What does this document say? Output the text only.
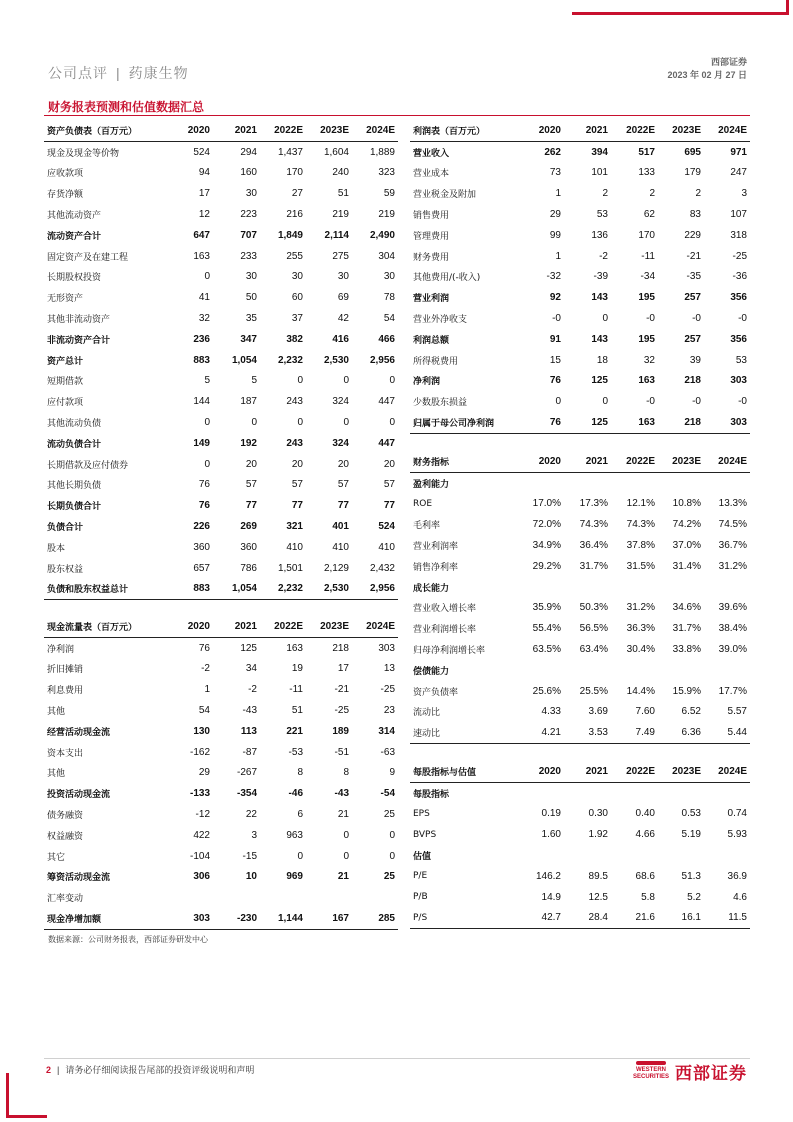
公司点评 | 药康生物
西部证券
2023 年 02 月 27 日
财务报表预测和估值数据汇总
资产负债表（百万元）	2020	2021	2022E	2023E	2024E
现金及现金等价物	524	294	1,437	1,604	1,889
应收款项	94	160	170	240	323
存货净额	17	30	27	51	59
其他流动资产	12	223	216	219	219
流动资产合计	647	707	1,849	2,114	2,490
固定资产及在建工程	163	233	255	275	304
长期股权投资	0	30	30	30	30
无形资产	41	50	60	69	78
其他非流动资产	32	35	37	42	54
非流动资产合计	236	347	382	416	466
资产总计	883	1,054	2,232	2,530	2,956
短期借款	5	5	0	0	0
应付款项	144	187	243	324	447
其他流动负债	0	0	0	0	0
流动负债合计	149	192	243	324	447
长期借款及应付债券	0	20	20	20	20
其他长期负债	76	57	57	57	57
长期负债合计	76	77	77	77	77
负债合计	226	269	321	401	524
股本	360	360	410	410	410
股东权益	657	786	1,501	2,129	2,432
负债和股东权益总计	883	1,054	2,232	2,530	2,956
现金流量表（百万元）	2020	2021	2022E	2023E	2024E
净利润	76	125	163	218	303
折旧摊销	-2	34	19	17	13
利息费用	1	-2	-11	-21	-25
其他	54	-43	51	-25	23
经营活动现金流	130	113	221	189	314
资本支出	-162	-87	-53	-51	-63
其他	29	-267	8	8	9
投资活动现金流	-133	-354	-46	-43	-54
债务融资	-12	22	6	21	25
权益融资	422	3	963	0	0
其它	-104	-15	0	0	0
筹资活动现金流	306	10	969	21	25
汇率变动					
现金净增加额	303	-230	1,144	167	285
利润表（百万元）	2020	2021	2022E	2023E	2024E
营业收入	262	394	517	695	971
营业成本	73	101	133	179	247
营业税金及附加	1	2	2	2	3
销售费用	29	53	62	83	107
管理费用	99	136	170	229	318
财务费用	1	-2	-11	-21	-25
其他费用/(-收入)	-32	-39	-34	-35	-36
营业利润	92	143	195	257	356
营业外净收支	-0	0	-0	-0	-0
利润总额	91	143	195	257	356
所得税费用	15	18	32	39	53
净利润	76	125	163	218	303
少数股东损益	0	0	-0	-0	-0
归属于母公司净利润	76	125	163	218	303
财务指标	2020	2021	2022E	2023E	2024E
盈利能力					
ROE	17.0%	17.3%	12.1%	10.8%	13.3%
毛利率	72.0%	74.3%	74.3%	74.2%	74.5%
营业利润率	34.9%	36.4%	37.8%	37.0%	36.7%
销售净利率	29.2%	31.7%	31.5%	31.4%	31.2%
成长能力					
营业收入增长率	35.9%	50.3%	31.2%	34.6%	39.6%
营业利润增长率	55.4%	56.5%	36.3%	31.7%	38.4%
归母净利润增长率	63.5%	63.4%	30.4%	33.8%	39.0%
偿债能力					
资产负债率	25.6%	25.5%	14.4%	15.9%	17.7%
流动比	4.33	3.69	7.60	6.52	5.57
速动比	4.21	3.53	7.49	6.36	5.44
每股指标与估值	2020	2021	2022E	2023E	2024E
每股指标					
EPS	0.19	0.30	0.40	0.53	0.74
BVPS	1.60	1.92	4.66	5.19	5.93
估值					
P/E	146.2	89.5	68.6	51.3	36.9
P/B	14.9	12.5	5.8	5.2	4.6
P/S	42.7	28.4	21.6	16.1	11.5
数据来源：公司财务报表，西部证券研发中心
2 | 请务必仔细阅读报告尾部的投资评级说明和声明	WESTERN SECURITIES 西部证券
